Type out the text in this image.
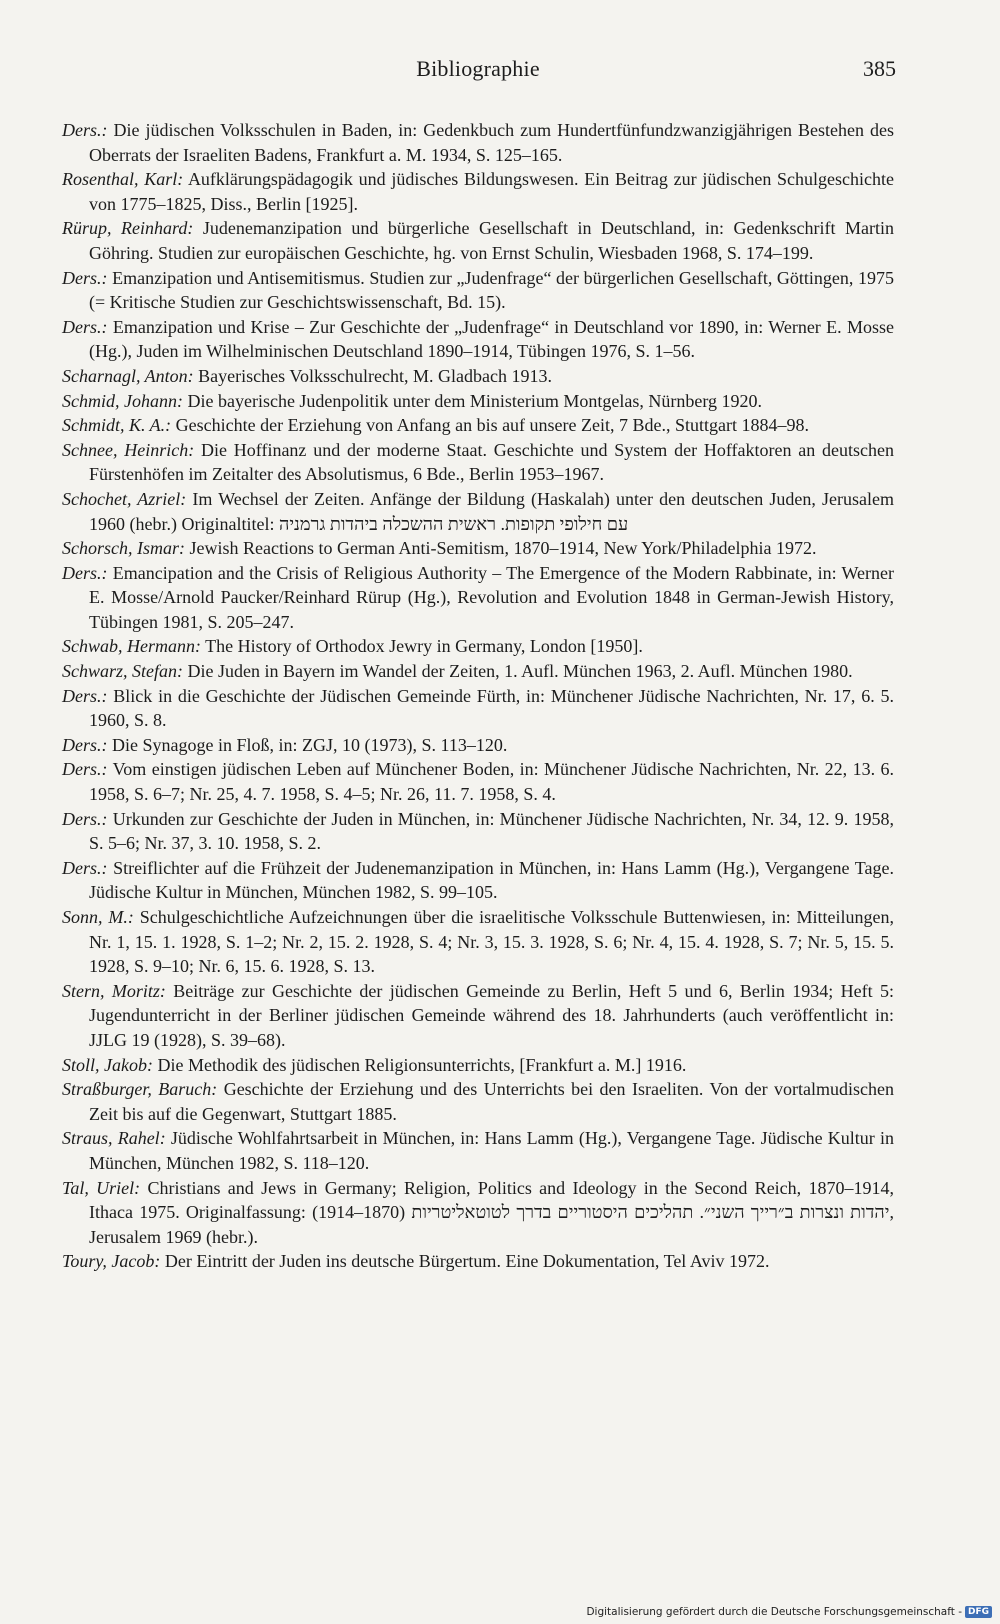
Bibliographie	385

Ders.: Die jüdischen Volksschulen in Baden, in: Gedenkbuch zum Hundertfünfundzwanzigjährigen Bestehen des Oberrats der Israeliten Badens, Frankfurt a. M. 1934, S. 125–165.

Rosenthal, Karl: Aufklärungspädagogik und jüdisches Bildungswesen. Ein Beitrag zur jüdischen Schulgeschichte von 1775–1825, Diss., Berlin [1925].

Rürup, Reinhard: Judenemanzipation und bürgerliche Gesellschaft in Deutschland, in: Gedenkschrift Martin Göhring. Studien zur europäischen Geschichte, hg. von Ernst Schulin, Wiesbaden 1968, S. 174–199.

Ders.: Emanzipation und Antisemitismus. Studien zur „Judenfrage“ der bürgerlichen Gesellschaft, Göttingen, 1975 (= Kritische Studien zur Geschichtswissenschaft, Bd. 15).

Ders.: Emanzipation und Krise – Zur Geschichte der „Judenfrage“ in Deutschland vor 1890, in: Werner E. Mosse (Hg.), Juden im Wilhelminischen Deutschland 1890–1914, Tübingen 1976, S. 1–56.

Scharnagl, Anton: Bayerisches Volksschulrecht, M. Gladbach 1913.

Schmid, Johann: Die bayerische Judenpolitik unter dem Ministerium Montgelas, Nürnberg 1920.

Schmidt, K. A.: Geschichte der Erziehung von Anfang an bis auf unsere Zeit, 7 Bde., Stuttgart 1884–98.

Schnee, Heinrich: Die Hoffinanz und der moderne Staat. Geschichte und System der Hoffaktoren an deutschen Fürstenhöfen im Zeitalter des Absolutismus, 6 Bde., Berlin 1953–1967.

Schochet, Azriel: Im Wechsel der Zeiten. Anfänge der Bildung (Haskalah) unter den deutschen Juden, Jerusalem 1960 (hebr.) Originaltitel: עם חילופי תקופות. ראשית ההשכלה ביהדות גרמניה

Schorsch, Ismar: Jewish Reactions to German Anti-Semitism, 1870–1914, New York/Philadelphia 1972.

Ders.: Emancipation and the Crisis of Religious Authority – The Emergence of the Modern Rabbinate, in: Werner E. Mosse/Arnold Paucker/Reinhard Rürup (Hg.), Revolution and Evolution 1848 in German-Jewish History, Tübingen 1981, S. 205–247.

Schwab, Hermann: The History of Orthodox Jewry in Germany, London [1950].

Schwarz, Stefan: Die Juden in Bayern im Wandel der Zeiten, 1. Aufl. München 1963, 2. Aufl. München 1980.

Ders.: Blick in die Geschichte der Jüdischen Gemeinde Fürth, in: Münchener Jüdische Nachrichten, Nr. 17, 6. 5. 1960, S. 8.

Ders.: Die Synagoge in Floß, in: ZGJ, 10 (1973), S. 113–120.

Ders.: Vom einstigen jüdischen Leben auf Münchener Boden, in: Münchener Jüdische Nachrichten, Nr. 22, 13. 6. 1958, S. 6–7; Nr. 25, 4. 7. 1958, S. 4–5; Nr. 26, 11. 7. 1958, S. 4.

Ders.: Urkunden zur Geschichte der Juden in München, in: Münchener Jüdische Nachrichten, Nr. 34, 12. 9. 1958, S. 5–6; Nr. 37, 3. 10. 1958, S. 2.

Ders.: Streiflichter auf die Frühzeit der Judenemanzipation in München, in: Hans Lamm (Hg.), Vergangene Tage. Jüdische Kultur in München, München 1982, S. 99–105.

Sonn, M.: Schulgeschichtliche Aufzeichnungen über die israelitische Volksschule Buttenwiesen, in: Mitteilungen, Nr. 1, 15. 1. 1928, S. 1–2; Nr. 2, 15. 2. 1928, S. 4; Nr. 3, 15. 3. 1928, S. 6; Nr. 4, 15. 4. 1928, S. 7; Nr. 5, 15. 5. 1928, S. 9–10; Nr. 6, 15. 6. 1928, S. 13.

Stern, Moritz: Beiträge zur Geschichte der jüdischen Gemeinde zu Berlin, Heft 5 und 6, Berlin 1934; Heft 5: Jugendunterricht in der Berliner jüdischen Gemeinde während des 18. Jahrhunderts (auch veröffentlicht in: JJLG 19 (1928), S. 39–68).

Stoll, Jakob: Die Methodik des jüdischen Religionsunterrichts, [Frankfurt a. M.] 1916.

Straßburger, Baruch: Geschichte der Erziehung und des Unterrichts bei den Israeliten. Von der vortalmudischen Zeit bis auf die Gegenwart, Stuttgart 1885.

Straus, Rahel: Jüdische Wohlfahrtsarbeit in München, in: Hans Lamm (Hg.), Vergangene Tage. Jüdische Kultur in München, München 1982, S. 118–120.

Tal, Uriel: Christians and Jews in Germany; Religion, Politics and Ideology in the Second Reich, 1870–1914, Ithaca 1975. Originalfassung: (1914–1870) יהדות ונצרות ב״רייך השני״. תהליכים היסטוריים בדרך לטוטאליטריות, Jerusalem 1969 (hebr.).

Toury, Jacob: Der Eintritt der Juden ins deutsche Bürgertum. Eine Dokumentation, Tel Aviv 1972.

Digitalisierung gefördert durch die Deutsche Forschungsgemeinschaft - DFG
